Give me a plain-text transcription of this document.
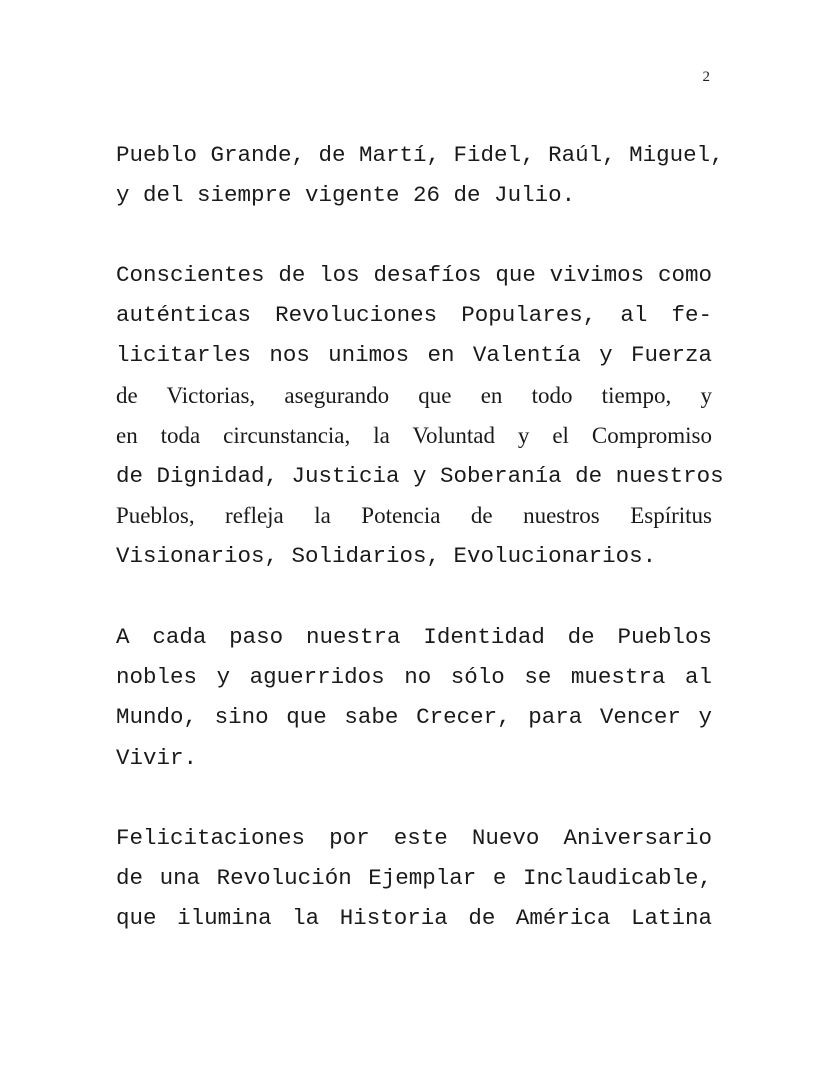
2

Pueblo Grande, de Martí, Fidel, Raúl, Miguel,
y del siempre vigente 26 de Julio.

Conscientes de los desafíos que vivimos como
auténticas Revoluciones Populares, al fe-
licitarles nos unimos en Valentía y Fuerza
de Victorias, asegurando que en todo tiempo, y
en toda circunstancia, la Voluntad y el Compromiso
de Dignidad, Justicia y Soberanía de nuestros
Pueblos, refleja la Potencia de nuestros Espíritus
Visionarios, Solidarios, Evolucionarios.

A cada paso nuestra Identidad de Pueblos
nobles y aguerridos no sólo se muestra al
Mundo, sino que sabe Crecer, para Vencer y
Vivir.

Felicitaciones por este Nuevo Aniversario
de una Revolución Ejemplar e Inclaudicable,
que ilumina la Historia de América Latina
